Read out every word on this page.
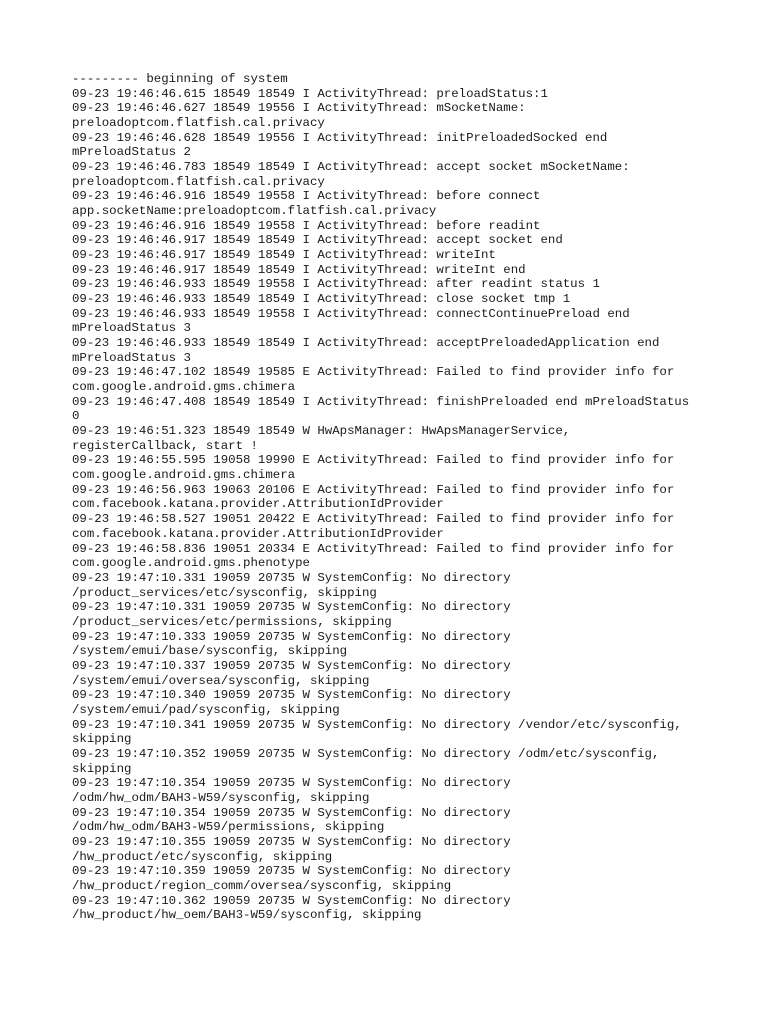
--------- beginning of system
09-23 19:46:46.615 18549 18549 I ActivityThread: preloadStatus:1
09-23 19:46:46.627 18549 19556 I ActivityThread: mSocketName:
preloadoptcom.flatfish.cal.privacy
09-23 19:46:46.628 18549 19556 I ActivityThread: initPreloadedSocked end
mPreloadStatus 2
09-23 19:46:46.783 18549 18549 I ActivityThread: accept socket mSocketName:
preloadoptcom.flatfish.cal.privacy
09-23 19:46:46.916 18549 19558 I ActivityThread: before connect
app.socketName:preloadoptcom.flatfish.cal.privacy
09-23 19:46:46.916 18549 19558 I ActivityThread: before readint
09-23 19:46:46.917 18549 18549 I ActivityThread: accept socket end
09-23 19:46:46.917 18549 18549 I ActivityThread: writeInt
09-23 19:46:46.917 18549 18549 I ActivityThread: writeInt end
09-23 19:46:46.933 18549 19558 I ActivityThread: after readint status 1
09-23 19:46:46.933 18549 18549 I ActivityThread: close socket tmp 1
09-23 19:46:46.933 18549 19558 I ActivityThread: connectContinuePreload end
mPreloadStatus 3
09-23 19:46:46.933 18549 18549 I ActivityThread: acceptPreloadedApplication end
mPreloadStatus 3
09-23 19:46:47.102 18549 19585 E ActivityThread: Failed to find provider info for
com.google.android.gms.chimera
09-23 19:46:47.408 18549 18549 I ActivityThread: finishPreloaded end mPreloadStatus
0
09-23 19:46:51.323 18549 18549 W HwApsManager: HwApsManagerService,
registerCallback, start !
09-23 19:46:55.595 19058 19990 E ActivityThread: Failed to find provider info for
com.google.android.gms.chimera
09-23 19:46:56.963 19063 20106 E ActivityThread: Failed to find provider info for
com.facebook.katana.provider.AttributionIdProvider
09-23 19:46:58.527 19051 20422 E ActivityThread: Failed to find provider info for
com.facebook.katana.provider.AttributionIdProvider
09-23 19:46:58.836 19051 20334 E ActivityThread: Failed to find provider info for
com.google.android.gms.phenotype
09-23 19:47:10.331 19059 20735 W SystemConfig: No directory
/product_services/etc/sysconfig, skipping
09-23 19:47:10.331 19059 20735 W SystemConfig: No directory
/product_services/etc/permissions, skipping
09-23 19:47:10.333 19059 20735 W SystemConfig: No directory
/system/emui/base/sysconfig, skipping
09-23 19:47:10.337 19059 20735 W SystemConfig: No directory
/system/emui/oversea/sysconfig, skipping
09-23 19:47:10.340 19059 20735 W SystemConfig: No directory
/system/emui/pad/sysconfig, skipping
09-23 19:47:10.341 19059 20735 W SystemConfig: No directory /vendor/etc/sysconfig,
skipping
09-23 19:47:10.352 19059 20735 W SystemConfig: No directory /odm/etc/sysconfig,
skipping
09-23 19:47:10.354 19059 20735 W SystemConfig: No directory
/odm/hw_odm/BAH3-W59/sysconfig, skipping
09-23 19:47:10.354 19059 20735 W SystemConfig: No directory
/odm/hw_odm/BAH3-W59/permissions, skipping
09-23 19:47:10.355 19059 20735 W SystemConfig: No directory
/hw_product/etc/sysconfig, skipping
09-23 19:47:10.359 19059 20735 W SystemConfig: No directory
/hw_product/region_comm/oversea/sysconfig, skipping
09-23 19:47:10.362 19059 20735 W SystemConfig: No directory
/hw_product/hw_oem/BAH3-W59/sysconfig, skipping
